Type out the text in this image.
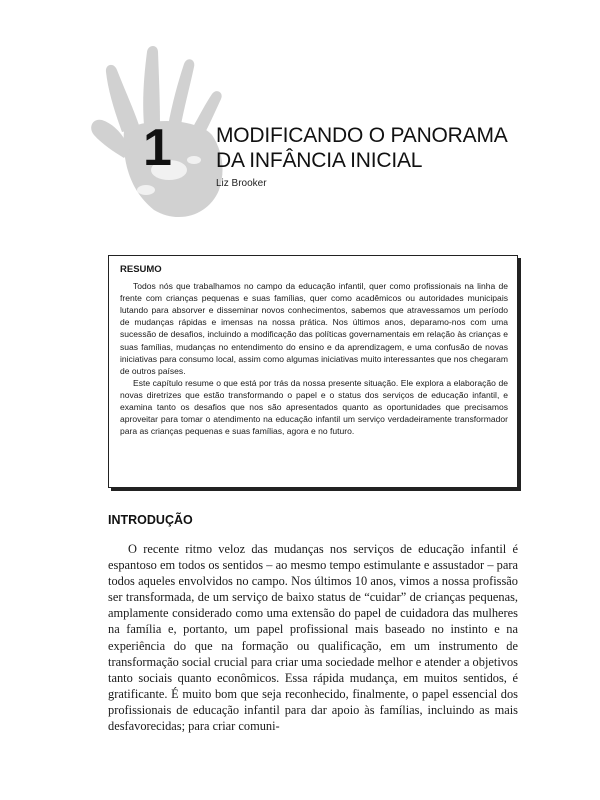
1 MODIFICANDO O PANORAMA
DA INFÂNCIA INICIAL
Liz Brooker
RESUMO

Todos nós que trabalhamos no campo da educação infantil, quer como profissionais na linha de frente com crianças pequenas e suas famílias, quer como acadêmicos ou autoridades municipais lutando para absorver e disseminar novos conhecimentos, sabemos que atravessamos um período de mudanças rápidas e imensas na nossa prática. Nos últimos anos, deparamo-nos com uma sucessão de desafios, incluindo a modificação das políticas governamentais em relação às crianças e suas famílias, mudanças no entendimento do ensino e da aprendizagem, e uma confusão de novas iniciativas para consumo local, assim como algumas iniciativas muito interessantes que nos chegaram de outros países.

Este capítulo resume o que está por trás da nossa presente situação. Ele explora a elaboração de novas diretrizes que estão transformando o papel e o status dos serviços de educação infantil, e examina tanto os desafios que nos são apresentados quanto as oportunidades que precisamos aproveitar para tomar o atendimento na educação infantil um serviço verdadeiramente transformador para as crianças pequenas e suas famílias, agora e no futuro.

INTRODUÇÃO

O recente ritmo veloz das mudanças nos serviços de educação infantil é espantoso em todos os sentidos – ao mesmo tempo estimulante e assustador – para todos aqueles envolvidos no campo. Nos últimos 10 anos, vimos a nossa profissão ser transformada, de um serviço de baixo status de “cuidar” de crianças pequenas, amplamente considerado como uma extensão do papel de cuidadora das mulheres na família e, portanto, um papel profissional mais baseado no instinto e na experiência do que na formação ou qualificação, em um instrumento de transformação social crucial para criar uma sociedade melhor e atender a objetivos tanto sociais quanto econômicos. Essa rápida mudança, em muitos sentidos, é gratificante. É muito bom que seja reconhecido, finalmente, o papel essencial dos profissionais de educação infantil para dar apoio às famílias, incluindo as mais desfavorecidas; para criar comuni-
